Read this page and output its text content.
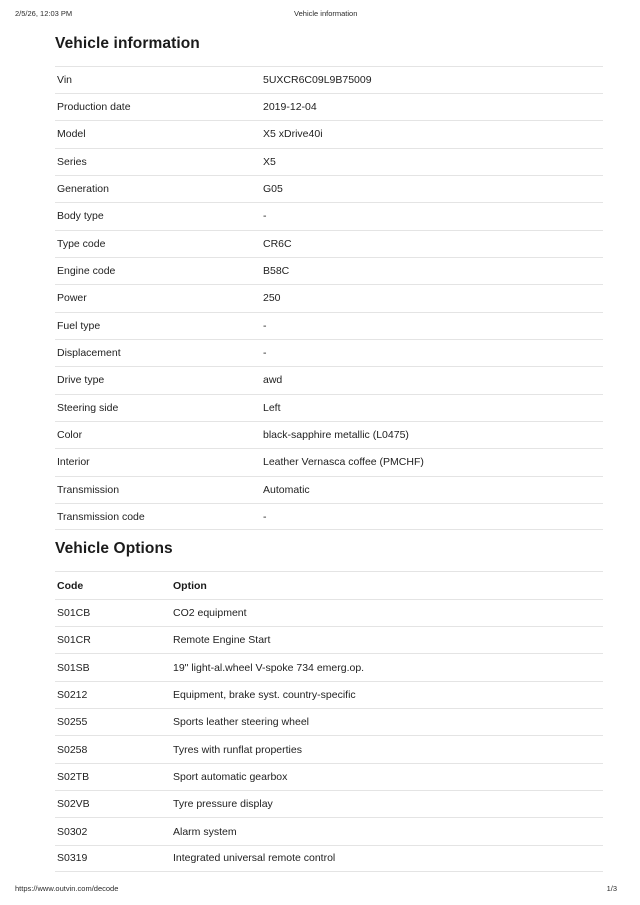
2/5/26, 12:03 PM	Vehicle information
Vehicle information
Vin	5UXCR6C09L9B75009
Production date	2019-12-04
Model	X5 xDrive40i
Series	X5
Generation	G05
Body type	-
Type code	CR6C
Engine code	B58C
Power	250
Fuel type	-
Displacement	-
Drive type	awd
Steering side	Left
Color	black-sapphire metallic (L0475)
Interior	Leather Vernasca coffee (PMCHF)
Transmission	Automatic
Transmission code	-
Vehicle Options
Code	Option
S01CB	CO2 equipment
S01CR	Remote Engine Start
S01SB	19" light-al.wheel V-spoke 734 emerg.op.
S0212	Equipment, brake syst. country-specific
S0255	Sports leather steering wheel
S0258	Tyres with runflat properties
S02TB	Sport automatic gearbox
S02VB	Tyre pressure display
S0302	Alarm system
S0319	Integrated universal remote control
https://www.outvin.com/decode	1/3
